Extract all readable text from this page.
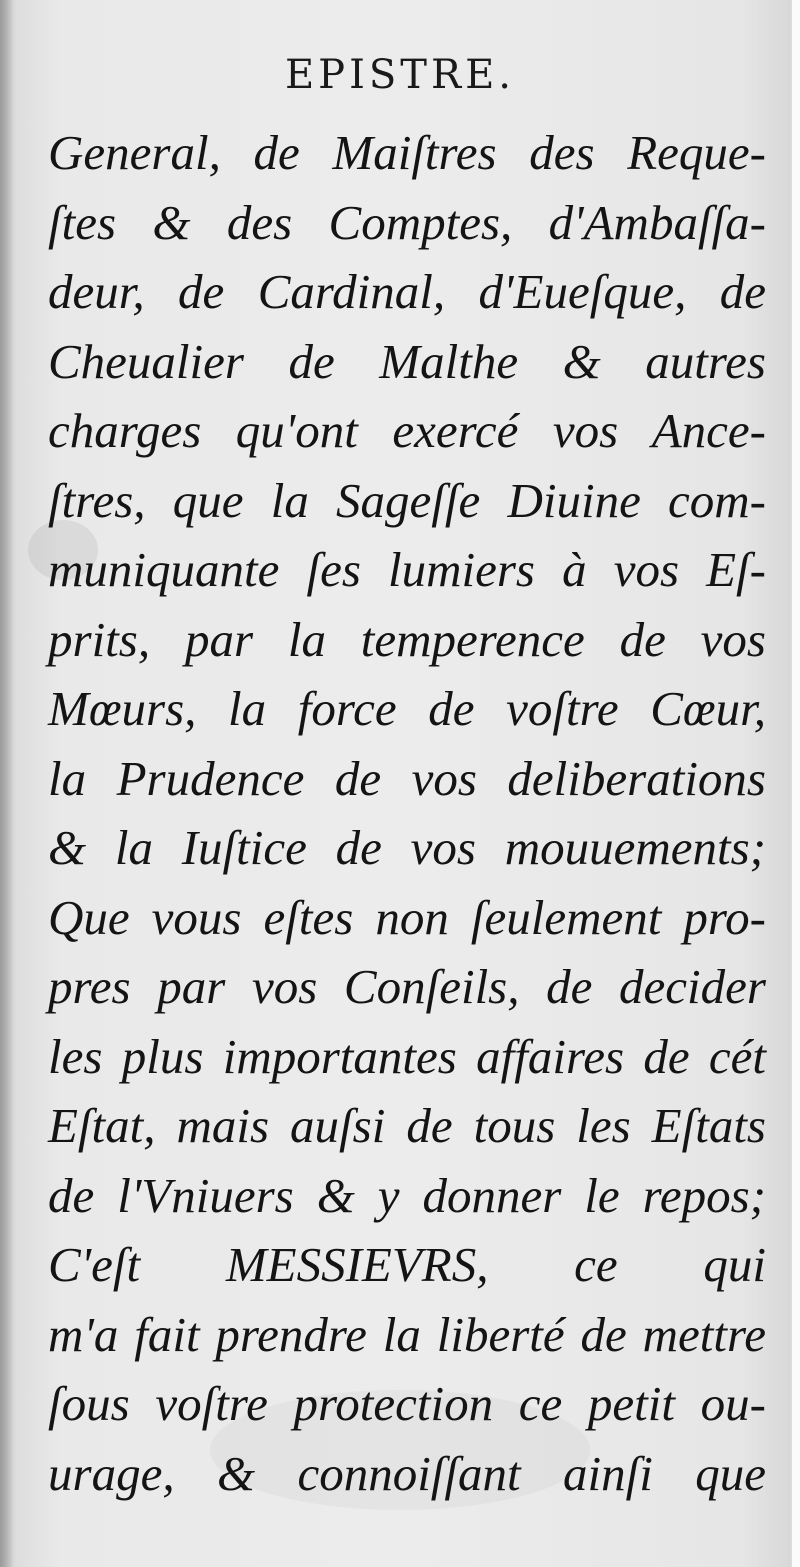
EPISTRE.
General, de Maiſtres des Reque-
ſtes & des Comptes, d'Ambaſſa-
deur, de Cardinal, d'Eueſque, de
Cheualier de Malthe & autres
charges qu'ont exercé vos Ance-
ſtres, que la Sageſſe Diuine com-
muniquante ſes lumiers à vos Eſ-
prits, par la temperence de vos
Mœurs, la force de voſtre Cœur,
la Prudence de vos deliberations
& la Iuſtice de vos mouuements;
Que vous eſtes non ſeulement pro-
pres par vos Conſeils, de decider
les plus importantes affaires de cét
Eſtat, mais auſsi de tous les Eſtats
de l'Vniuers & y donner le repos;
C'eſt MESSIEVRS, ce qui
m'a fait prendre la liberté de mettre
ſous voſtre protection ce petit ou-
urage, & connoiſſant ainſi que
